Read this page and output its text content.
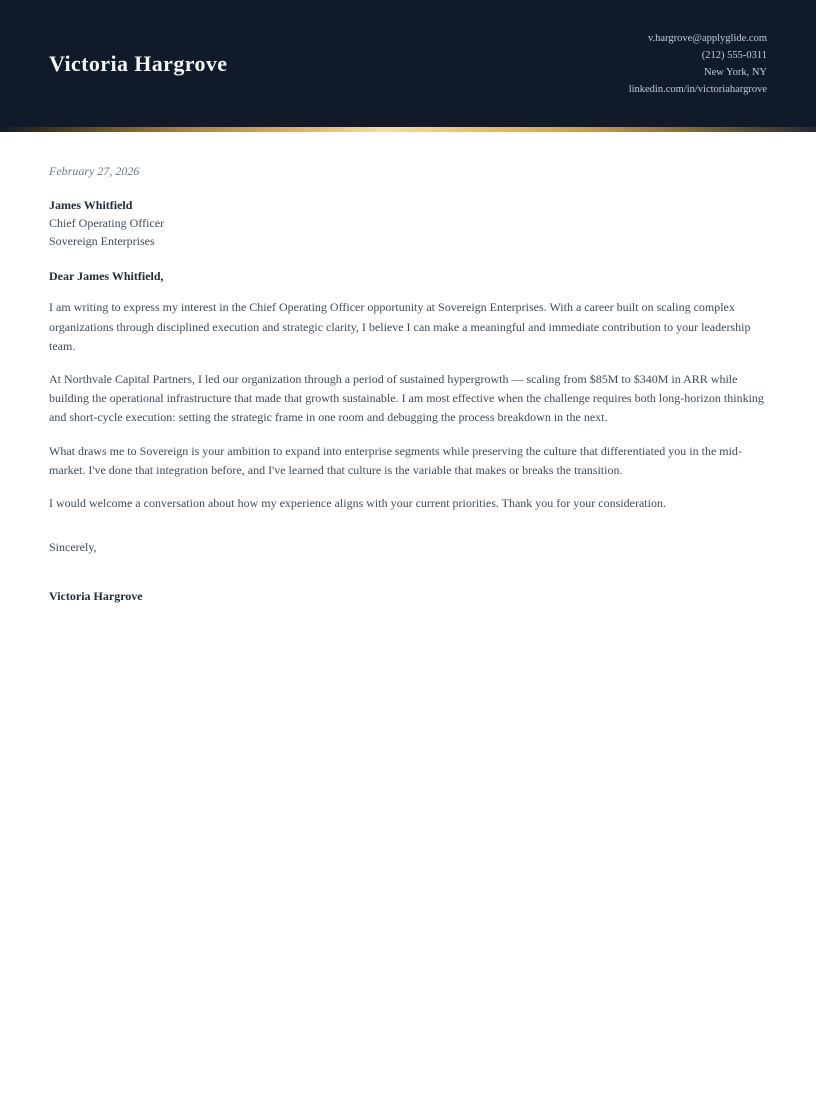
Victoria Hargrove
v.hargrove@applyglide.com
(212) 555-0311
New York, NY
linkedin.com/in/victoriahargrove

February 27, 2026

James Whitfield
Chief Operating Officer
Sovereign Enterprises

Dear James Whitfield,

I am writing to express my interest in the Chief Operating Officer opportunity at Sovereign Enterprises. With a career built on scaling complex organizations through disciplined execution and strategic clarity, I believe I can make a meaningful and immediate contribution to your leadership team.

At Northvale Capital Partners, I led our organization through a period of sustained hypergrowth — scaling from $85M to $340M in ARR while building the operational infrastructure that made that growth sustainable. I am most effective when the challenge requires both long-horizon thinking and short-cycle execution: setting the strategic frame in one room and debugging the process breakdown in the next.

What draws me to Sovereign is your ambition to expand into enterprise segments while preserving the culture that differentiated you in the mid-market. I've done that integration before, and I've learned that culture is the variable that makes or breaks the transition.

I would welcome a conversation about how my experience aligns with your current priorities. Thank you for your consideration.

Sincerely,

Victoria Hargrove
